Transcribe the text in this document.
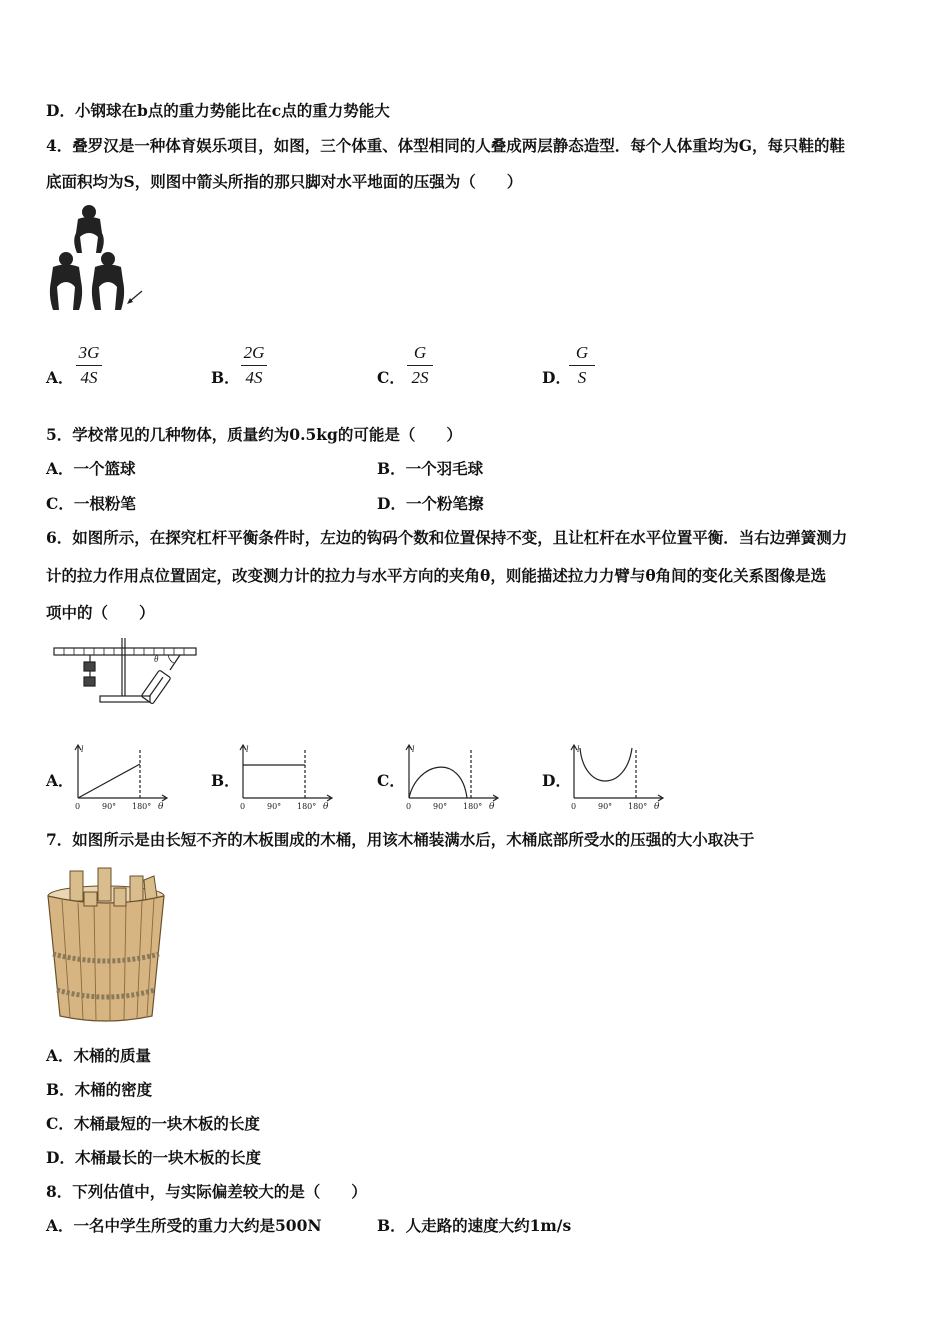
D．小钢球在b点的重力势能比在c点的重力势能大
4．叠罗汉是一种体育娱乐项目，如图，三个体重、体型相同的人叠成两层静态造型．每个人体重均为G，每只鞋的鞋
底面积均为S，则图中箭头所指的那只脚对水平地面的压强为（　　）
A．
3G
4S	B．
2G
4S	C．
G
2S	D．
G
S
5．学校常见的几种物体，质量约为0.5kg的可能是（　　）
A．一个篮球	B．一个羽毛球
C．一根粉笔	D．一个粉笔擦
6．如图所示，在探究杠杆平衡条件时，左边的钩码个数和位置保持不变，且让杠杆在水平位置平衡．当右边弹簧测力
计的拉力作用点位置固定，改变测力计的拉力与水平方向的夹角θ，则能描述拉力力臂与θ角间的变化关系图像是选
项中的（　　）
θ
A．	B．	C．	D．
0	90° 180° θ
l
0	90° 180° θ
l
0	90° 180° θ
l
0	90° 180° θ
l
7．如图所示是由长短不齐的木板围成的木桶，用该木桶装满水后，木桶底部所受水的压强的大小取决于
A．木桶的质量
B．木桶的密度
C．木桶最短的一块木板的长度
D．木桶最长的一块木板的长度
8．下列估值中，与实际偏差较大的是（　　）
A．一名中学生所受的重力大约是500N	B．人走路的速度大约1m/s
